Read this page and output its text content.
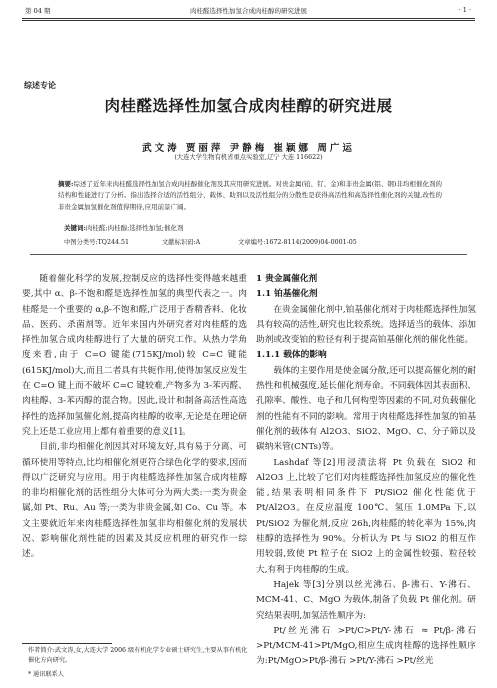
第 04 期	肉桂醛选择性加氢合成肉桂醇的研究进展	· 1 ·
综述专论
肉桂醛选择性加氢合成肉桂醇的研究进展
武文涛 贾丽萍 尹静梅 崔颖娜 周广运
(大连大学生物有机省重点实验室,辽宁 大连 116622)
摘要:综述了近年来肉桂醛选择性加氢合成肉桂醇催化剂及其应用研究进展。对贵金属(铂、钌、金)和非贵金属(铝、钢)非均相催化剂的结构和性能进行了分析。指出选择合适的活性组分、载体、助剂以及活性组分的分散性是获得高活性和高选择性催化剂的关键,改性的非贵金属加氢催化剂值得期待,应用前景广阔。
关键词:肉桂醛;肉桂醇;选择性加氢;催化剂
中图分类号:TQ244.51	文献标识码:A	文章编号:1672-8114(2009)04-0001-05

随着催化科学的发展,控制反应的选择性变得越来越重要,其中 α、β-不饱和醛是选择性加氢的典型代表之一。肉桂醛是一个重要的 α,β-不饱和醛,广泛用于香精香料、化妆品、医药、杀菌剂等。近年来国内外研究者对肉桂醛的选择性加氢合成肉桂醇进行了大量的研究工作。从热力学角度来看,由于 C=O 键能(715KJ/mol)较 C=C 键能(615KJ/mol)大,而且二者具有共轭作用,使得加氢反应发生在 C=O 键上而不破坏 C=C 键较难,产物多为 3-苯丙醛、肉桂醇、3-苯丙醇的混合物。因此,设计和制备高活性高选择性的选择加氢催化剂,提高肉桂醇的收率,无论是在理论研究上还是工业应用上都有着重要的意义[1]。

目前,非均相催化剂因其对环境友好,具有易于分离、可循环使用等特点,比均相催化剂更符合绿色化学的要求,因而得以广泛研究与应用。用于肉桂醛选择性加氢合成肉桂醇的非均相催化剂的活性组分大体可分为两大类:一类为贵金属,如 Pt、Ru、Au 等;一类为非贵金属,如 Co、Cu 等。本文主要就近年来肉桂醛选择性加氢非均相催化剂的发展状况、影响催化剂性能的因素及其反应机理的研究作一综述。

1 贵金属催化剂

1.1 铂基催化剂

在贵金属催化剂中,铂基催化剂对于肉桂醛选择性加氢具有较高的活性,研究也比较系统。选择适当的载体、添加助剂或改变铂的粒径有利于提高铂基催化剂的催化性能。

1.1.1 载体的影响

载体的主要作用是使金属分散,还可以提高催化剂的耐热性和机械强度,延长催化剂寿命。不同载体因其表面积、孔隙率、酸性、电子和几何构型等因素的不同,对负载催化剂的性能有不同的影响。常用于肉桂醛选择性加氢的铂基催化剂的载体有 Al2O3、SiO2、MgO、C、分子筛以及碳纳米管(CNTs)等。

Lashdaf 等[2]用浸渍法将 Pt 负载在 SiO2 和 Al2O3 上,比较了它们对肉桂醛选择性加氢反应的催化性能,结果表明相同条件下 Pt/SiO2 催化性能优于 Pt/Al2O3。在反应温度 100℃、氢压 1.0MPa 下,以 Pt/SiO2 为催化剂,反应 26h,肉桂醛的转化率为 15%,肉桂醇的选择性为 90%。分析认为 Pt 与 SiO2 的相互作用较弱,致使 Pt 粒子在 SiO2 上的金属性较强、粒径较大,有利于肉桂醇的生成。

Hajek 等[3]分别以丝光沸石、β-沸石、Y-沸石、MCM-41、C、MgO 为载体,制备了负载 Pt 催化剂。研究结果表明,加氢活性顺序为:

Pt/丝光沸石 >Pt/C>Pt/Y-沸石 ≈ Pt/β-沸石 >Pt/MCM-41>Pt/MgO,相应生成肉桂醇的选择性顺序为:Pt/MgO>Pt/β-沸石 >Pt/Y-沸石 >Pt/丝光

作者简介:武文涛,女,大连大学 2006 级有机化学专业硕士研究生,主要从事有机化催化方向研究。
* 通讯联系人
